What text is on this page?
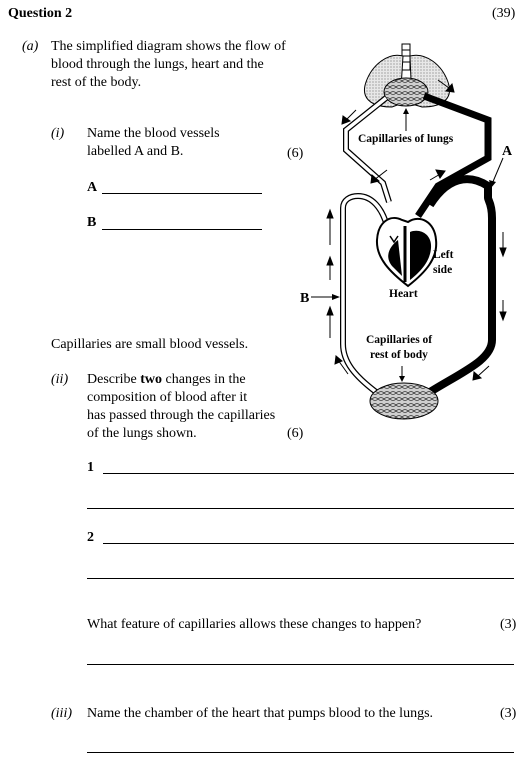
Question 2	(39)
(a) The simplified diagram shows the flow of
blood through the lungs, heart and the
rest of the body.
(i) Name the blood vessels
labelled A and B.	(6)
A
B
Capillaries are small blood vessels.
(ii) Describe two changes in the
composition of blood after it
has passed through the capillaries
of the lungs shown.	(6)
1
2
What feature of capillaries allows these changes to happen?	(3)
(iii) Name the chamber of the heart that pumps blood to the lungs.	(3)
Capillaries of lungs
A
B
Left
side
Heart
Capillaries of
rest of body
